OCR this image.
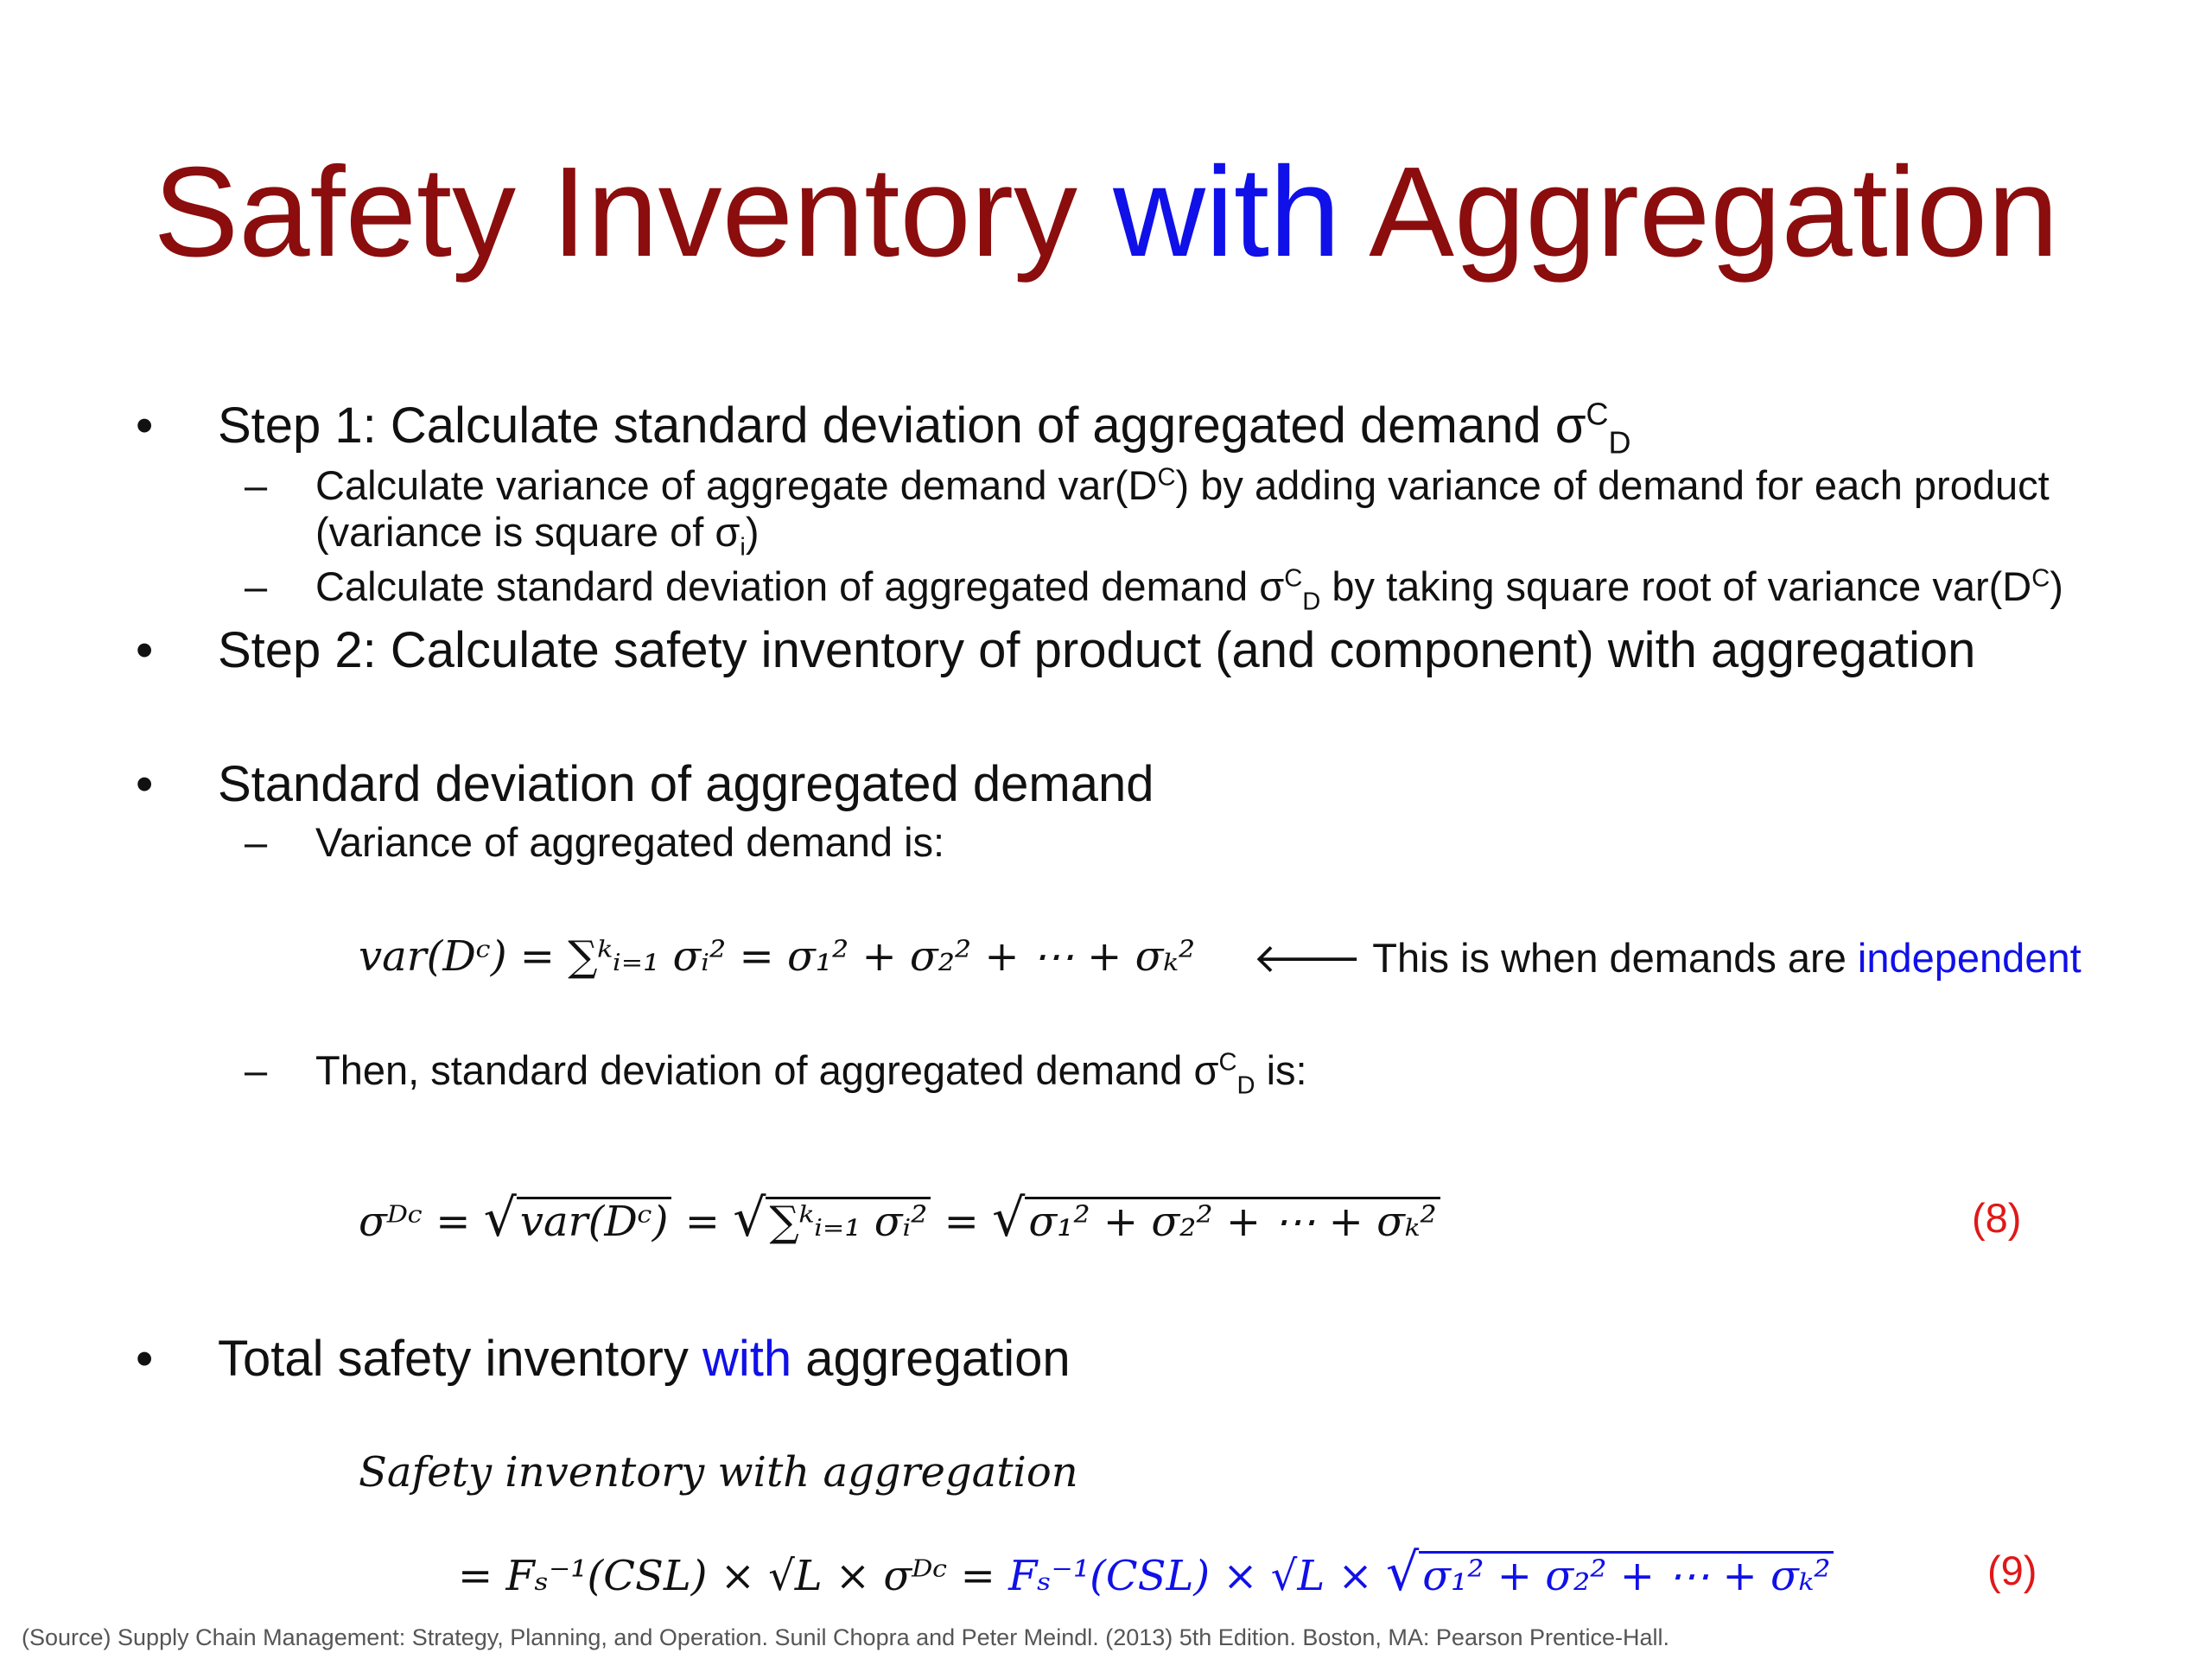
Safety Inventory with Aggregation
• Step 1: Calculate standard deviation of aggregated demand $\sigma^C_D$
– Calculate variance of aggregate demand $var(D^C)$ by adding variance of demand for each product
(variance is square of $\sigma_i$)
– Calculate standard deviation of aggregated demand $\sigma^C_D$ by taking square root of variance $var(D^C)$
• Step 2: Calculate safety inventory of product (and component) with aggregation
• Standard deviation of aggregated demand
– Variance of aggregated demand is:
var(Dᶜ) = ∑ᵏᵢ₌₁ σᵢ² = σ₁² + σ₂² + ⋯ + σₖ² 🡐 This is when demands are independent
– Then, standard deviation of aggregated demand $\sigma^C_D$ is:
σᴰᶜ = √var(Dᶜ) = √∑ᵏᵢ₌₁ σᵢ² = √σ₁² + σ₂² + ⋯ + σₖ²	(8)
• Total safety inventory with aggregation
Safety inventory with aggregation
= Fₛ⁻¹(CSL) × √L × σᴰᶜ = Fₛ⁻¹(CSL) × √L × √σ₁² + σ₂² + ⋯ + σₖ²	(9)
(Source) Supply Chain Management: Strategy, Planning, and Operation. Sunil Chopra and Peter Meindl. (2013) 5th Edition. Boston, MA: Pearson Prentice-Hall.
